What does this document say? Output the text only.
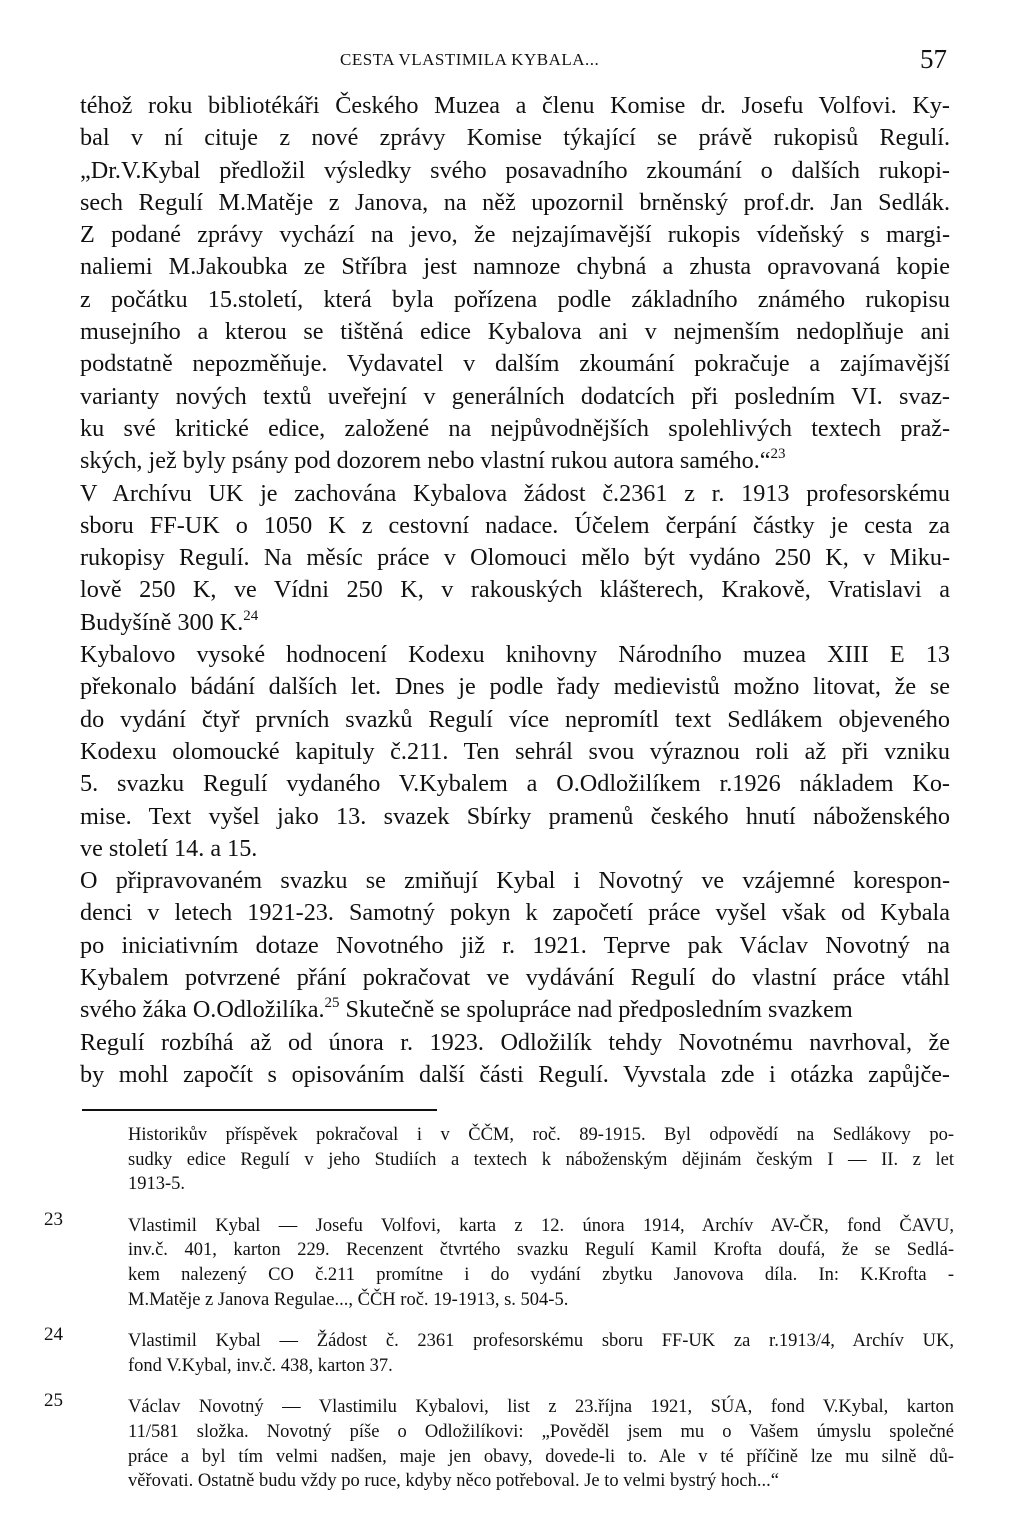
CESTA VLASTIMILA KYBALA...	57
téhož roku bibliotékáři Českého Muzea a členu Komise dr. Josefu Volfovi. Ky-
bal v ní cituje z nové zprávy Komise týkající se právě rukopisů Regulí.
„Dr.V.Kybal předložil výsledky svého posavadního zkoumání o dalších rukopi-
sech Regulí M.Matěje z Janova, na něž upozornil brněnský prof.dr. Jan Sedlák.
Z podané zprávy vychází na jevo, že nejzajímavější rukopis vídeňský s margi-
naliemi M.Jakoubka ze Stříbra jest namnoze chybná a zhusta opravovaná kopie
z počátku 15.století, která byla pořízena podle základního známého rukopisu
musejního a kterou se tištěná edice Kybalova ani v nejmenším nedoplňuje ani
podstatně nepozměňuje. Vydavatel v dalším zkoumání pokračuje a zajímavější
varianty nových textů uveřejní v generálních dodatcích při posledním VI. svaz-
ku své kritické edice, založené na nejpůvodnějších spolehlivých textech praž-
ských, jež byly psány pod dozorem nebo vlastní rukou autora samého.“$^{23}$
V Archívu UK je zachována Kybalova žádost č.2361 z r. 1913 profesorskému
sboru FF-UK o 1050 K z cestovní nadace. Účelem čerpání částky je cesta za
rukopisy Regulí. Na měsíc práce v Olomouci mělo být vydáno 250 K, v Miku-
lově 250 K, ve Vídni 250 K, v rakouských klášterech, Krakově, Vratislavi a
Budyšíně 300 K.$^{24}$
Kybalovo vysoké hodnocení Kodexu knihovny Národního muzea XIII E 13
překonalo bádání dalších let. Dnes je podle řady medievistů možno litovat, že se
do vydání čtyř prvních svazků Regulí více nepromítl text Sedlákem objeveného
Kodexu olomoucké kapituly č.211. Ten sehrál svou výraznou roli až při vzniku
5. svazku Regulí vydaného V.Kybalem a O.Odložilíkem r.1926 nákladem Ko-
mise. Text vyšel jako 13. svazek Sbírky pramenů českého hnutí náboženského
ve století 14. a 15.
O připravovaném svazku se zmiňují Kybal i Novotný ve vzájemné korespon-
denci v letech 1921-23. Samotný pokyn k započetí práce vyšel však od Kybala
po iniciativním dotaze Novotného již r. 1921. Teprve pak Václav Novotný na
Kybalem potvrzené přání pokračovat ve vydávání Regulí do vlastní práce vtáhl
svého žáka O.Odložilíka.$^{25}$ Skutečně se spolupráce nad předposledním svazkem
Regulí rozbíhá až od února r. 1923. Odložilík tehdy Novotnému navrhoval, že
by mohl započít s opisováním další části Regulí. Vyvstala zde i otázka zapůjče-
Historikův příspěvek pokračoval i v ČČM, roč. 89-1915. Byl odpovědí na Sedlákovy po-
sudky edice Regulí v jeho Studiích a textech k náboženským dějinám českým I — II. z let
1913-5.
23	Vlastimil Kybal — Josefu Volfovi, karta z 12. února 1914, Archív AV-ČR, fond ČAVU,
inv.č. 401, karton 229. Recenzent čtvrtého svazku Regulí Kamil Krofta doufá, že se Sedlá-
kem nalezený CO č.211 promítne i do vydání zbytku Janovova díla. In: K.Krofta -
M.Matěje z Janova Regulae..., ČČH roč. 19-1913, s. 504-5.
24	Vlastimil Kybal — Žádost č. 2361 profesorskému sboru FF-UK za r.1913/4, Archív UK,
fond V.Kybal, inv.č. 438, karton 37.
25	Václav Novotný — Vlastimilu Kybalovi, list z 23.října 1921, SÚA, fond V.Kybal, karton
11/581 složka. Novotný píše o Odložilíkovi: „Pověděl jsem mu o Vašem úmyslu společné
práce a byl tím velmi nadšen, maje jen obavy, dovede-li to. Ale v té příčině lze mu silně dů-
věřovati. Ostatně budu vždy po ruce, kdyby něco potřeboval. Je to velmi bystrý hoch...“
